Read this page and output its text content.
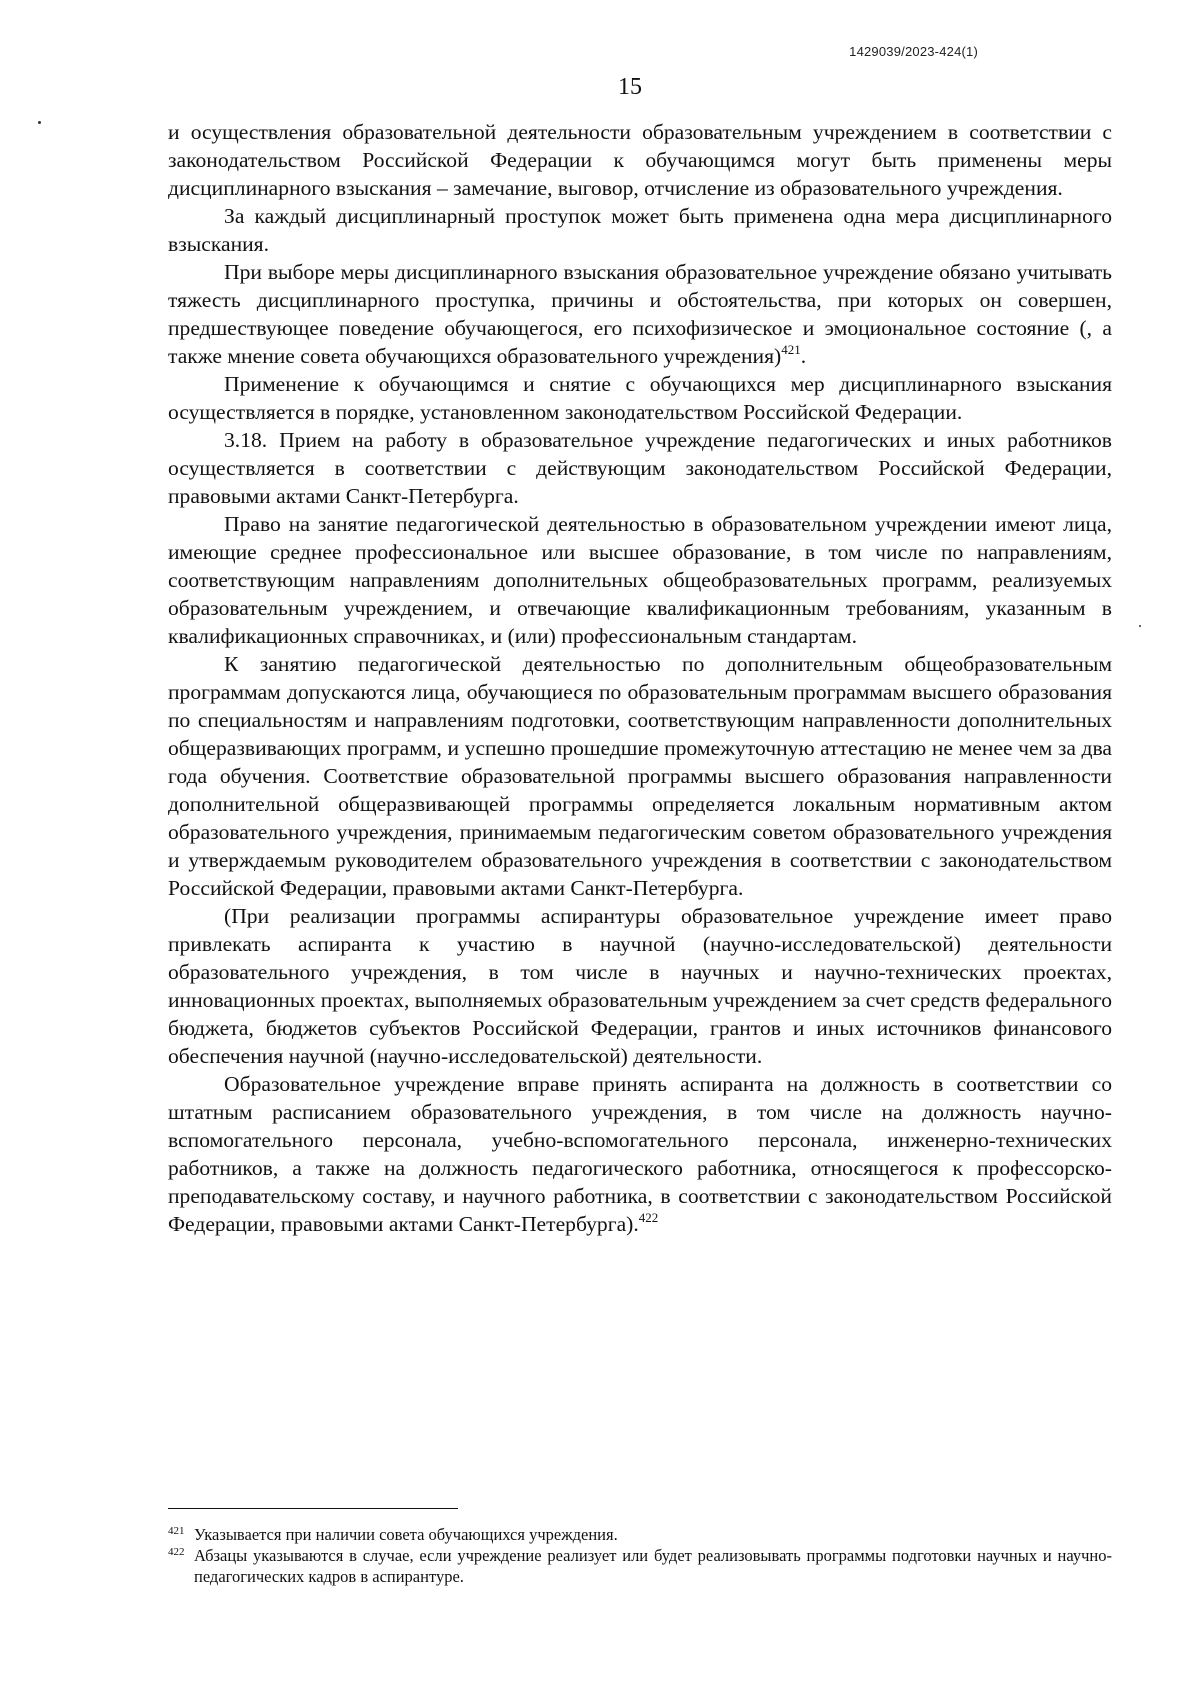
1429039/2023-424(1)
15

и осуществления образовательной деятельности образовательным учреждением в соответствии с законодательством Российской Федерации к обучающимся могут быть применены меры дисциплинарного взыскания – замечание, выговор, отчисление из образовательного учреждения.

За каждый дисциплинарный проступок может быть применена одна мера дисциплинарного взыскания.

При выборе меры дисциплинарного взыскания образовательное учреждение обязано учитывать тяжесть дисциплинарного проступка, причины и обстоятельства, при которых он совершен, предшествующее поведение обучающегося, его психофизическое и эмоциональное состояние (, а также мнение совета обучающихся образовательного учреждения)$^{421}$.

Применение к обучающимся и снятие с обучающихся мер дисциплинарного взыскания осуществляется в порядке, установленном законодательством Российской Федерации.

3.18. Прием на работу в образовательное учреждение педагогических и иных работников осуществляется в соответствии с действующим законодательством Российской Федерации, правовыми актами Санкт-Петербурга.

Право на занятие педагогической деятельностью в образовательном учреждении имеют лица, имеющие среднее профессиональное или высшее образование, в том числе по направлениям, соответствующим направлениям дополнительных общеобразовательных программ, реализуемых образовательным учреждением, и отвечающие квалификационным требованиям, указанным в квалификационных справочниках, и (или) профессиональным стандартам.

К занятию педагогической деятельностью по дополнительным общеобразовательным программам допускаются лица, обучающиеся по образовательным программам высшего образования по специальностям и направлениям подготовки, соответствующим направленности дополнительных общеразвивающих программ, и успешно прошедшие промежуточную аттестацию не менее чем за два года обучения. Соответствие образовательной программы высшего образования направленности дополнительной общеразвивающей программы определяется локальным нормативным актом образовательного учреждения, принимаемым педагогическим советом образовательного учреждения и утверждаемым руководителем образовательного учреждения в соответствии с законодательством Российской Федерации, правовыми актами Санкт-Петербурга.

(При реализации программы аспирантуры образовательное учреждение имеет право привлекать аспиранта к участию в научной (научно-исследовательской) деятельности образовательного учреждения, в том числе в научных и научно-технических проектах, инновационных проектах, выполняемых образовательным учреждением за счет средств федерального бюджета, бюджетов субъектов Российской Федерации, грантов и иных источников финансового обеспечения научной (научно-исследовательской) деятельности.

Образовательное учреждение вправе принять аспиранта на должность в соответствии со штатным расписанием образовательного учреждения, в том числе на должность научно-вспомогательного персонала, учебно-вспомогательного персонала, инженерно-технических работников, а также на должность педагогического работника, относящегося к профессорско-преподавательскому составу, и научного работника, в соответствии с законодательством Российской Федерации, правовыми актами Санкт-Петербурга).$^{422}$

421 Указывается при наличии совета обучающихся учреждения.
422 Абзацы указываются в случае, если учреждение реализует или будет реализовывать программы подготовки научных и научно-педагогических кадров в аспирантуре.
